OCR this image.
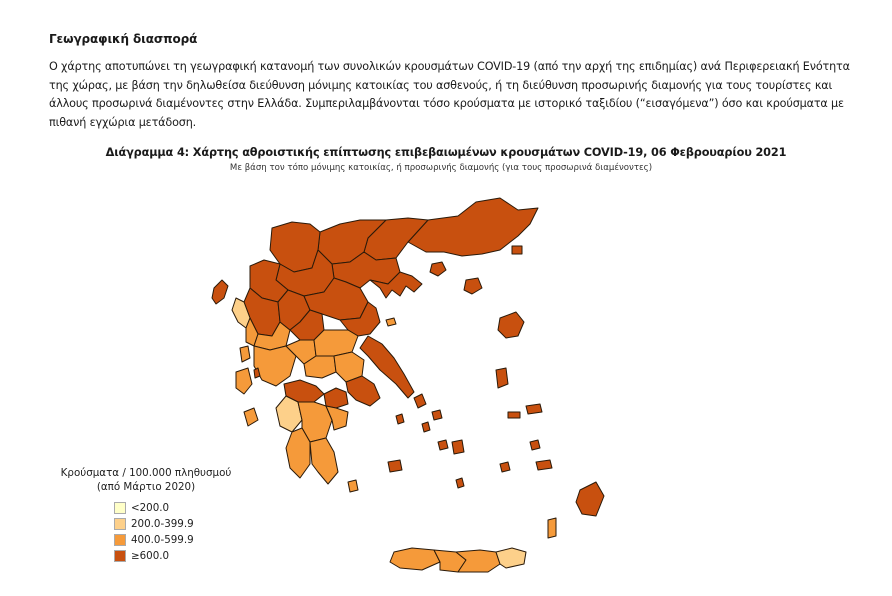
Γεωγραφική διασπορά
Ο χάρτης αποτυπώνει τη γεωγραφική κατανομή των συνολικών κρουσμάτων COVID-19 (από την αρχή της επιδημίας) ανά Περιφερειακή Ενότητα
της χώρας, με βάση την δηλωθείσα διεύθυνση μόνιμης κατοικίας του ασθενούς, ή τη διεύθυνση προσωρινής διαμονής για τους τουρίστες και
άλλους προσωρινά διαμένοντες στην Ελλάδα. Συμπεριλαμβάνονται τόσο κρούσματα με ιστορικό ταξιδίου (“εισαγόμενα”) όσο και κρούσματα με
πιθανή εγχώρια μετάδοση.
Διάγραμμα 4: Χάρτης αθροιστικής επίπτωσης επιβεβαιωμένων κρουσμάτων COVID-19, 06 Φεβρουαρίου 2021
Με βάση τον τόπο μόνιμης κατοικίας, ή προσωρινής διαμονής (για τους προσωρινά διαμένοντες)
Κρούσματα / 100.000 πληθυσμού
(από Μάρτιο 2020)
<200.0
200.0-399.9
400.0-599.9
≥600.0
